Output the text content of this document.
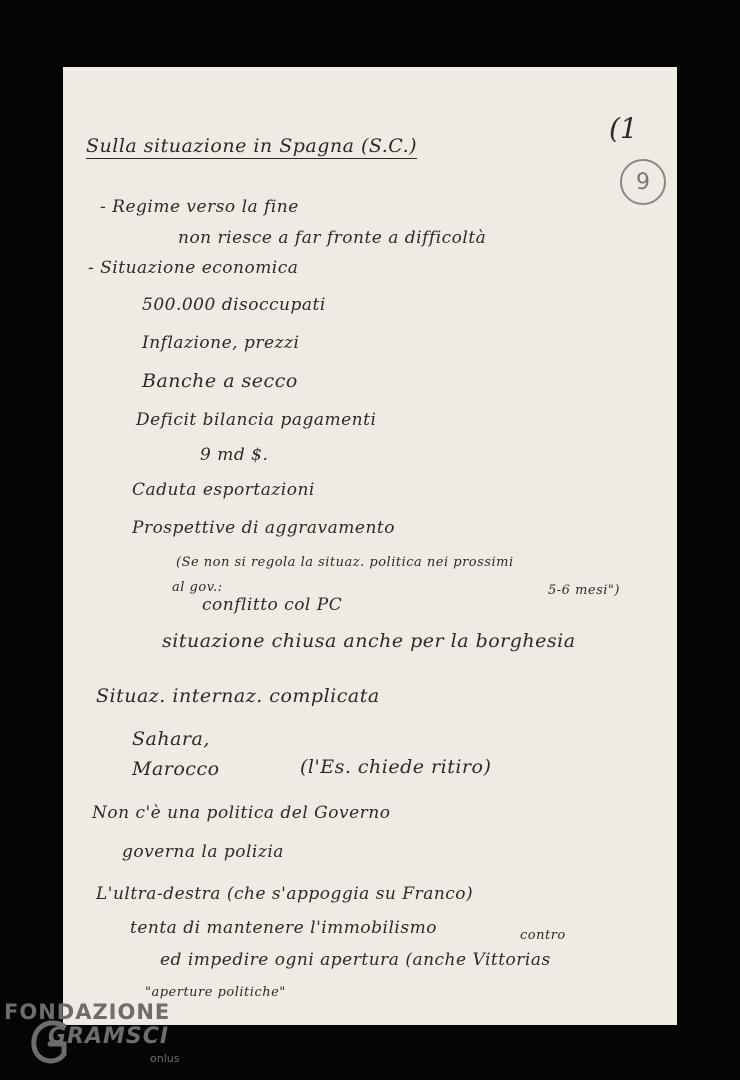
(1
9
Sulla situazione in Spagna (S.C.)
- Regime verso la fine
non riesce a far fronte a difficoltà
- Situazione economica
500.000 disoccupati
Inflazione, prezzi
Banche a secco
Deficit bilancia pagamenti
9 md $.
Caduta esportazioni
Prospettive di aggravamento
(Se non si regola la situaz. politica nei prossimi
5-6 mesi")
al gov.:
conflitto col PC
situazione chiusa anche per la borghesia
Situaz. internaz. complicata
Sahara,
Marocco	(l'Es. chiede ritiro)
Non c'è una politica del Governo
governa la polizia
L'ultra-destra (che s'appoggia su Franco)
tenta di mantenere l'immobilismo	contro
ed impedire ogni apertura (anche Vittorias
"aperture politiche"
FONDAZIONE
GRAMSCI
onlus
